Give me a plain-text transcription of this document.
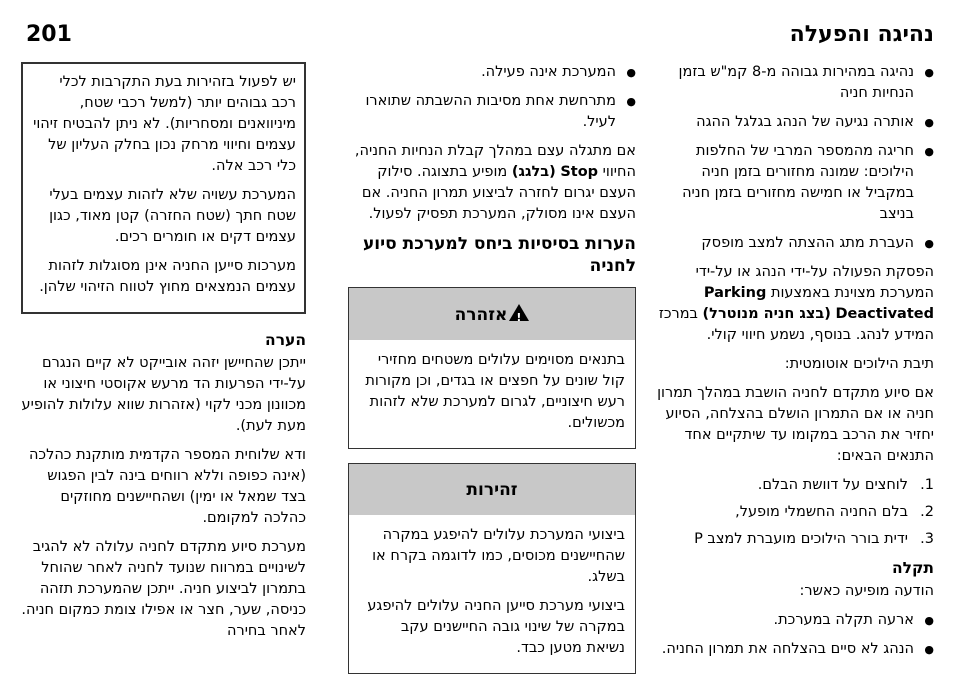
נהיגה והפעלה
201
● נהיגה במהירות גבוהה מ-8 קמ"ש בזמן הנחיות חניה
● אותרה נגיעה של הנהג בגלגל ההגה
● חריגה מהמספר המרבי של החלפות הילוכים: שמונה מחזורים בזמן חניה במקביל או חמישה מחזורים בזמן חניה בניצב
● העברת מתג ההצתה למצב מופסק

הפסקת הפעולה על-ידי הנהג או על-ידי המערכת מצוינת באמצעות Parking Deactivated (בצג חניה מנוטרל) במרכז המידע לנהג. בנוסף, נשמע חיווי קולי.

תיבת הילוכים אוטומטית:

אם סיוע מתקדם לחניה הושבת במהלך תמרון חניה או אם התמרון הושלם בהצלחה, הסיוע יחזיר את הרכב במקומו עד שיתקיים אחד התנאים הבאים:

1.
לוחצים על דוושת הבלם.
2.
בלם החניה החשמלי מופעל,
3.
ידית בורר הילוכים מועברת למצב P
תקלה

הודעה מופיעה כאשר:

● ארעה תקלה במערכת.
● הנהג לא סיים בהצלחה את תמרון החניה.
● המערכת אינה פעילה.
● מתרחשת אחת מסיבות ההשבתה שתוארו לעיל.

אם מתגלה עצם במהלך קבלת הנחיות החניה, החיווי Stop (בלגג) מופיע בתצוגה. סילוק העצם יגרום לחזרה לביצוע תמרון החניה. אם העצם אינו מסולק, המערכת תפסיק לפעול.

הערות בסיסיות ביחס למערכת סיוע לחניה
!אזהרה

בתנאים מסוימים עלולים משטחים מחזירי קול שונים על חפצים או בגדים, וכן מקורות רעש חיצוניים, לגרום למערכת שלא לזהות מכשולים.

זהירות

ביצועי המערכת עלולים להיפגע במקרה שהחיישנים מכוסים, כמו לדוגמה בקרח או בשלג.

ביצועי מערכת סייען החניה עלולים להיפגע במקרה של שינוי גובה החיישנים עקב נשיאת מטען כבד.

יש לפעול בזהירות בעת התקרבות לכלי רכב גבוהים יותר (למשל רכבי שטח, מיניוואנים ומסחריות). לא ניתן להבטיח זיהוי עצמים וחיווי מרחק נכון בחלק העליון של כלי רכב אלה.

המערכת עשויה שלא לזהות עצמים בעלי שטח חתך (שטח החזרה) קטן מאוד, כגון עצמים דקים או חומרים רכים.

מערכות סייען החניה אינן מסוגלות לזהות עצמים הנמצאים מחוץ לטווח הזיהוי שלהן.

הערה

ייתכן שהחיישן יזהה אובייקט לא קיים הנגרם על-ידי הפרעות הד מרעש אקוסטי חיצוני או מכוונון מכני לקוי (אזהרות שווא עלולות להופיע מעת לעת).

ודא שלוחית המספר הקדמית מותקנת כהלכה (אינה כפופה וללא רווחים בינה לבין הפגוש בצד שמאל או ימין) ושהחיישנים מחוזקים כהלכה למקומם.

מערכת סיוע מתקדם לחניה עלולה לא להגיב לשינויים במרווח שנועד לחניה לאחר שהוחל בתמרון לביצוע חניה. ייתכן שהמערכת תזהה כניסה, שער, חצר או אפילו צומת כמקום חניה. לאחר בחירה
